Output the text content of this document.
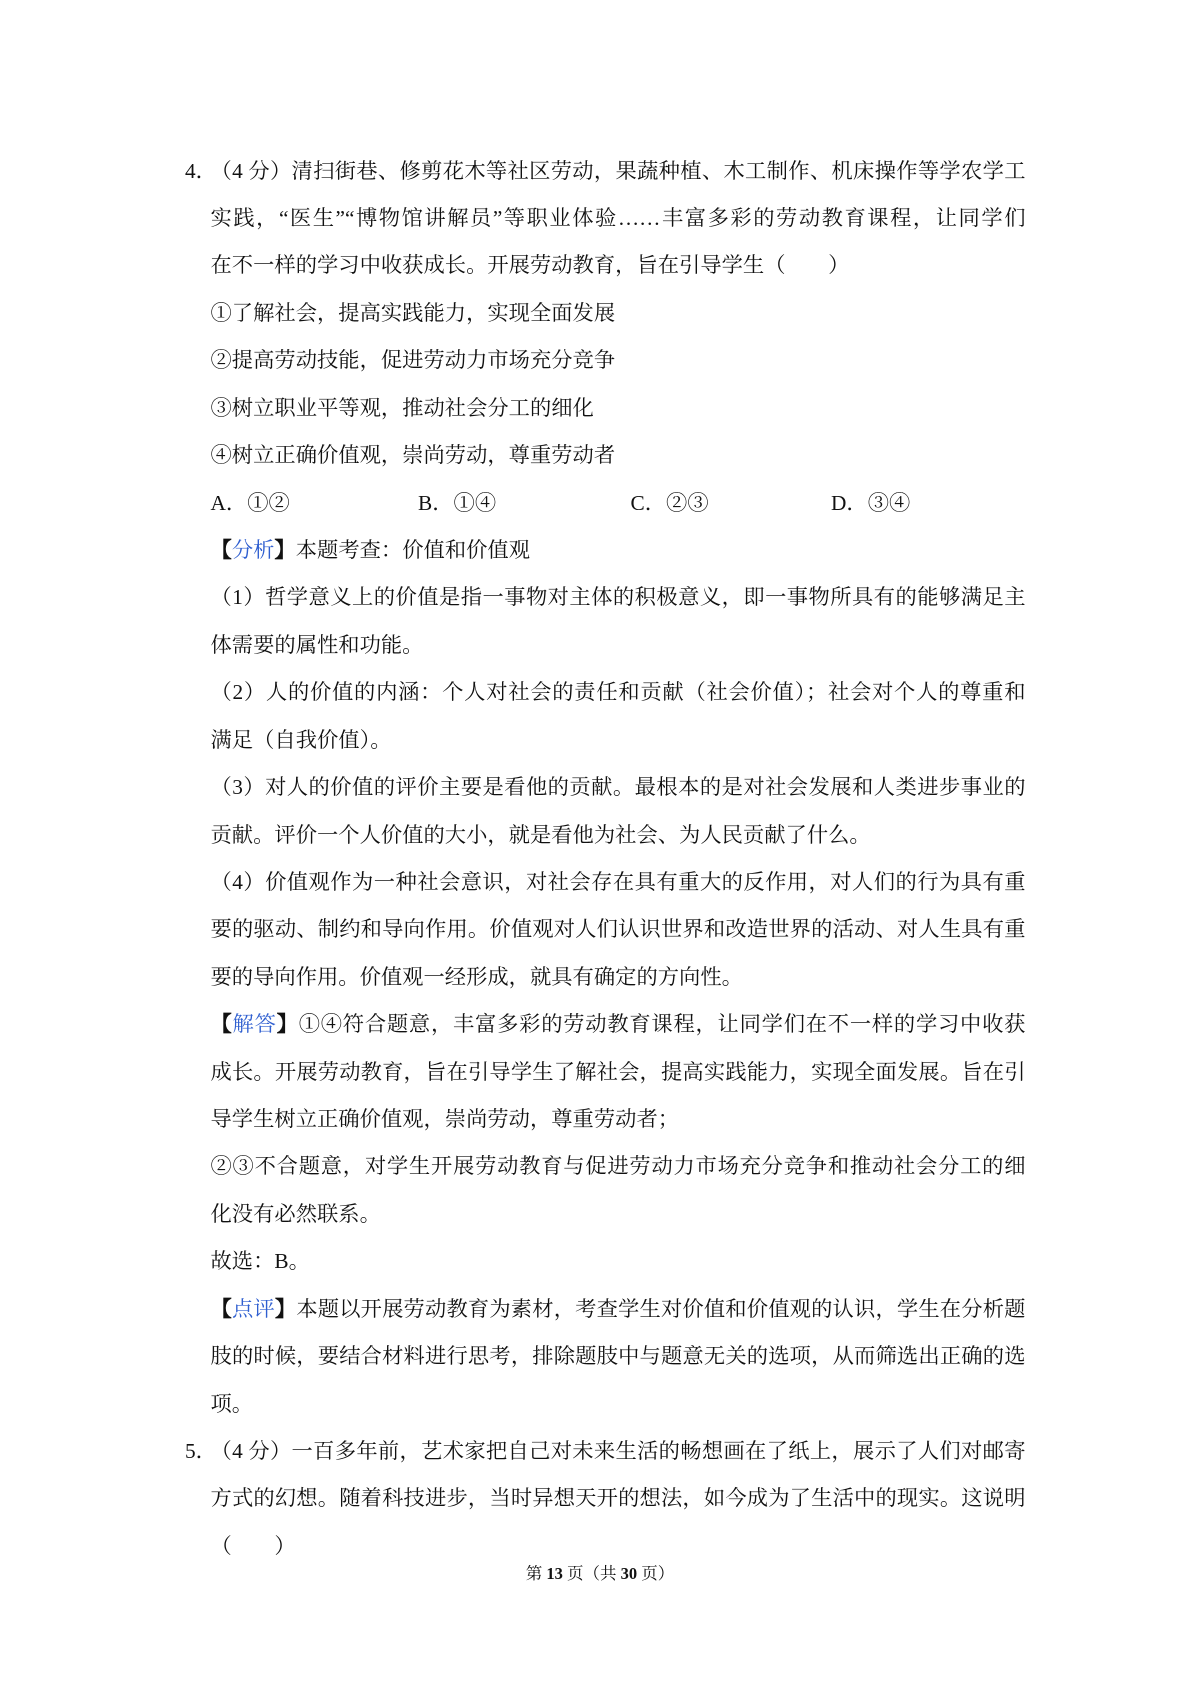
4．
（4 分）清扫街巷、修剪花木等社区劳动，果蔬种植、木工制作、机床操作等学农学工
实践，“医生”“博物馆讲解员”等职业体验……丰富多彩的劳动教育课程，让同学们
在不一样的学习中收获成长。开展劳动教育，旨在引导学生（　　）
①了解社会，提高实践能力，实现全面发展
②提高劳动技能，促进劳动力市场充分竞争
③树立职业平等观，推动社会分工的细化
④树立正确价值观，崇尚劳动，尊重劳动者
A．①②	B．①④	C．②③	D．③④
【分析】本题考查：价值和价值观
（1）哲学意义上的价值是指一事物对主体的积极意义，即一事物所具有的能够满足主
体需要的属性和功能。
（2）人的价值的内涵：个人对社会的责任和贡献（社会价值）；社会对个人的尊重和
满足（自我价值）。
（3）对人的价值的评价主要是看他的贡献。最根本的是对社会发展和人类进步事业的
贡献。评价一个人价值的大小，就是看他为社会、为人民贡献了什么。
（4）价值观作为一种社会意识，对社会存在具有重大的反作用，对人们的行为具有重
要的驱动、制约和导向作用。价值观对人们认识世界和改造世界的活动、对人生具有重
要的导向作用。价值观一经形成，就具有确定的方向性。
【解答】①④符合题意，丰富多彩的劳动教育课程，让同学们在不一样的学习中收获
成长。开展劳动教育，旨在引导学生了解社会，提高实践能力，实现全面发展。旨在引
导学生树立正确价值观，崇尚劳动，尊重劳动者；
②③不合题意，对学生开展劳动教育与促进劳动力市场充分竞争和推动社会分工的细
化没有必然联系。
故选：B。
【点评】本题以开展劳动教育为素材，考查学生对价值和价值观的认识，学生在分析题
肢的时候，要结合材料进行思考，排除题肢中与题意无关的选项，从而筛选出正确的选
项。
5．
（4 分）一百多年前，艺术家把自己对未来生活的畅想画在了纸上，展示了人们对邮寄
方式的幻想。随着科技进步，当时异想天开的想法，如今成为了生活中的现实。这说明
（　　）
第 13 页（共 30 页）
